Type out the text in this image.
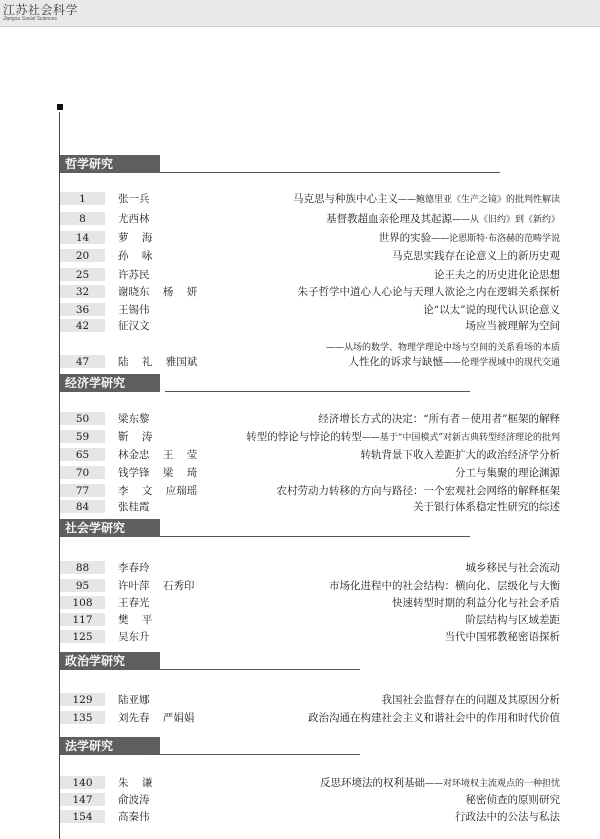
江苏社会科学
Jiangsu Social Sciences
哲学研究
1	张一兵	马克思与种族中心主义——鲍德里亚《生产之镜》的批判性解读
8	尤西林	基督教超血亲伦理及其起源——从《旧约》到《新约》
14	萝    海	世界的实验——论恩斯特·布洛赫的范畴学说
20	孙    咏	马克思实践存在论意义上的新历史观
25	许苏民	论王夫之的历史进化论思想
32	谢晓东    杨    妍	朱子哲学中道心人心论与天理人欲论之内在逻辑关系探析
36	王锡伟	论“以太”说的现代认识论意义
42	征汉文	场应当被理解为空间
——从场的数学、物理学理论中场与空间的关系看场的本质
47	陆    礼    雅国斌	人性化的诉求与缺憾——伦理学视域中的现代交通
经济学研究
50	梁东黎	经济增长方式的决定：“所有者－使用者”框架的解释
59	靳    涛	转型的悖论与悖论的转型——基于“中国模式”对新古典转型经济理论的批判
65	林金忠    王    莹	转轨背景下收入差距扩大的政治经济学分析
70	钱学锋    梁    琦	分工与集聚的理论渊源
77	李    文    应瑞瑶	农村劳动力转移的方向与路径：一个宏观社会网络的解释框架
84	张桂霞	关于银行体系稳定性研究的综述
社会学研究
88	李春玲	城乡移民与社会流动
95	许叶萍    石秀印	市场化进程中的社会结构：横向化、层级化与大衡
108	王春光	快速转型时期的利益分化与社会矛盾
117	樊    平	阶层结构与区域差距
125	吴东升	当代中国邪教秘密语探析
政治学研究
129	陆亚娜	我国社会监督存在的问题及其原因分析
135	刘先春    严娟娟	政治沟通在构建社会主义和谐社会中的作用和时代价值
法学研究
140	朱    谦	反思环境法的权利基础——对环境权主流观点的一种担忧
147	俞波涛	秘密侦查的原则研究
154	高秦伟	行政法中的公法与私法
